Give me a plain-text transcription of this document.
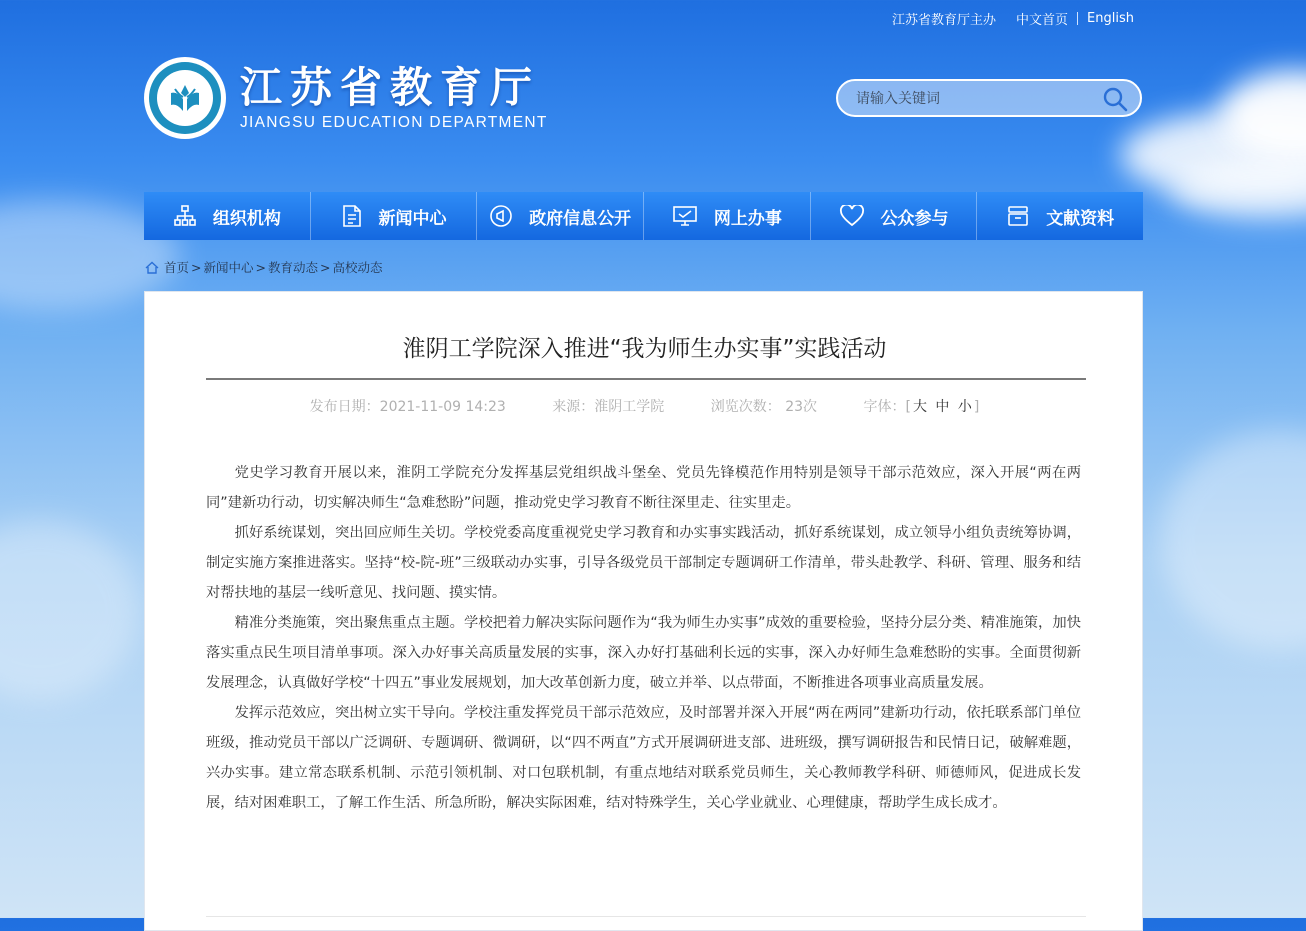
江苏省教育厅主办 中文首页 English
江苏省教育厅
JIANGSU EDUCATION DEPARTMENT
请输入关键词
组织机构	新闻中心	政府信息公开	网上办事	公众参与	文献资料
首页 > 新闻中心 > 教育动态 > 高校动态
淮阴工学院深入推进“我为师生办实事”实践活动
发布日期：2021-11-09 14:23	来源：淮阴工学院	浏览次数： 23次	字体：[ 大 中 小 ]

党史学习教育开展以来，淮阴工学院充分发挥基层党组织战斗堡垒、党员先锋模范作用特别是领导干部示范效应，深入开展“两在两同”建新功行动，切实解决师生“急难愁盼”问题，推动党史学习教育不断往深里走、往实里走。

抓好系统谋划，突出回应师生关切。学校党委高度重视党史学习教育和办实事实践活动，抓好系统谋划，成立领导小组负责统筹协调，制定实施方案推进落实。坚持“校-院-班”三级联动办实事，引导各级党员干部制定专题调研工作清单，带头赴教学、科研、管理、服务和结对帮扶地的基层一线听意见、找问题、摸实情。

精准分类施策，突出聚焦重点主题。学校把着力解决实际问题作为“我为师生办实事”成效的重要检验，坚持分层分类、精准施策，加快落实重点民生项目清单事项。深入办好事关高质量发展的实事，深入办好打基础利长远的实事，深入办好师生急难愁盼的实事。全面贯彻新发展理念，认真做好学校“十四五”事业发展规划，加大改革创新力度，破立并举、以点带面，不断推进各项事业高质量发展。

发挥示范效应，突出树立实干导向。学校注重发挥党员干部示范效应，及时部署并深入开展“两在两同”建新功行动，依托联系部门单位班级，推动党员干部以广泛调研、专题调研、微调研，以“四不两直”方式开展调研进支部、进班级，撰写调研报告和民情日记，破解难题，兴办实事。建立常态联系机制、示范引领机制、对口包联机制，有重点地结对联系党员师生，关心教师教学科研、师德师风，促进成长发展，结对困难职工，了解工作生活、所急所盼，解决实际困难，结对特殊学生，关心学业就业、心理健康，帮助学生成长成才。
